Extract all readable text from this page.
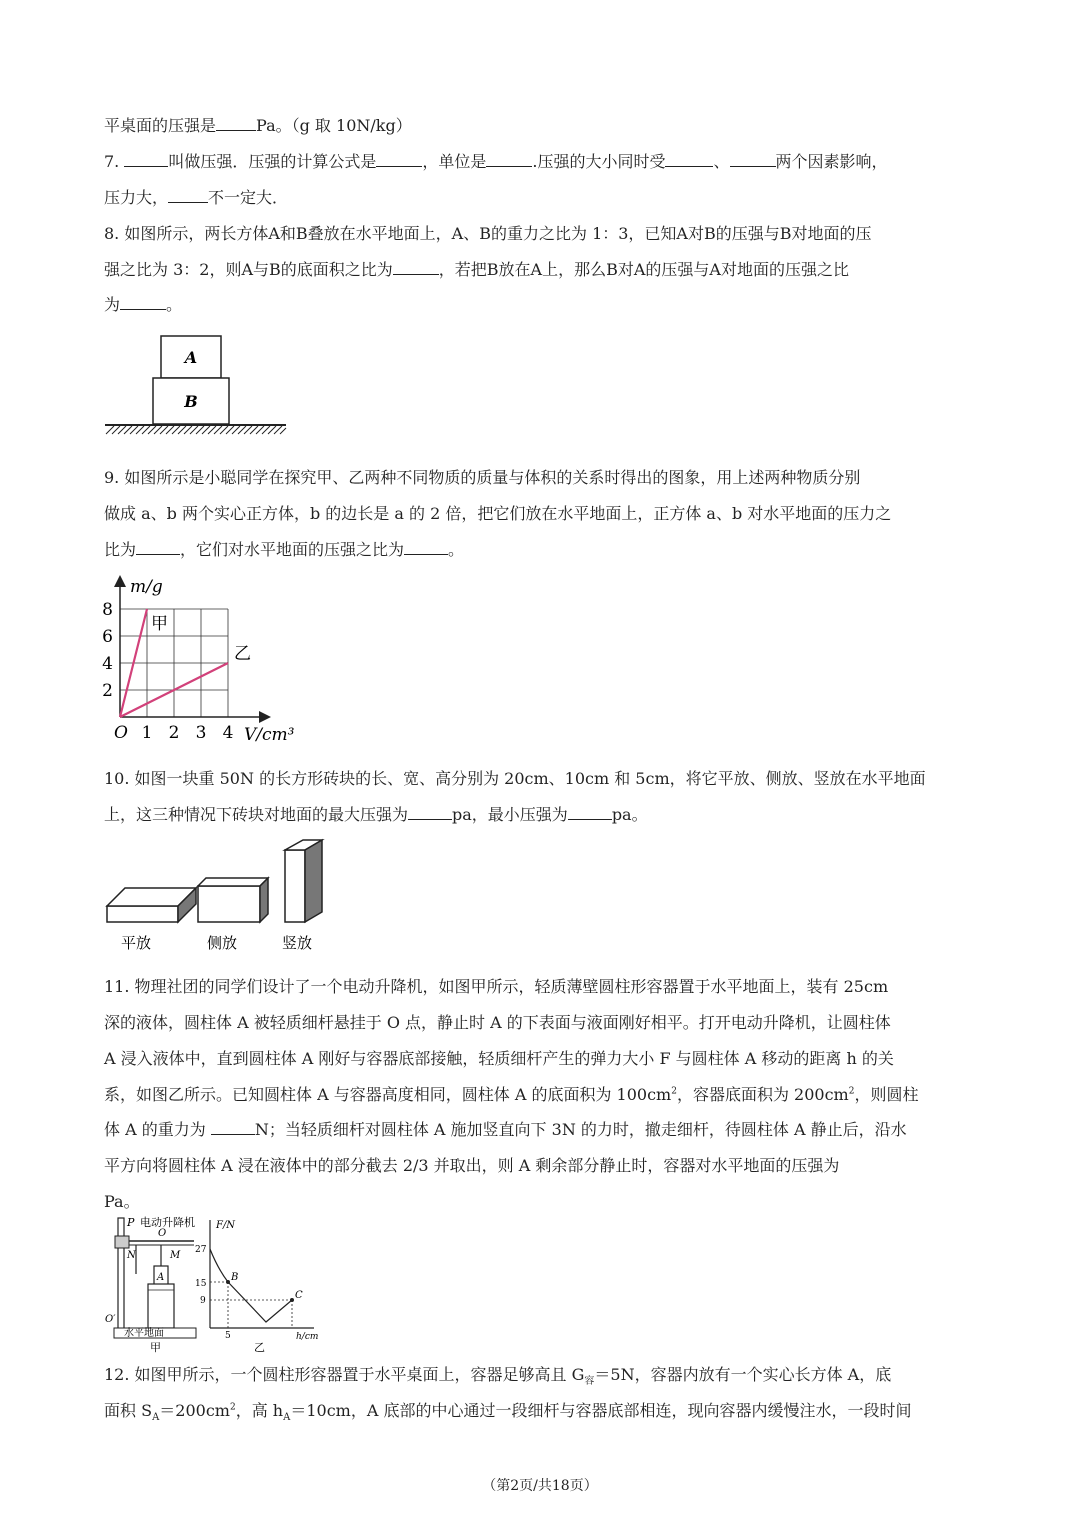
平桌面的压强是	Pa。（g 取 10N/kg）
7.	叫做压强．压强的计算公式是	，单位是	.压强的大小同时受	、	两个因素影响，
压力大，	不一定大．
8. 如图所示，两长方体A和B叠放在水平地面上，A、B的重力之比为 1：3，已知A对B的压强与B对地面的压
强之比为 3：2，则A与B的底面积之比为	，若把B放在A上，那么B对A的压强与A对地面的压强之比
为	。
A
B
9. 如图所示是小聪同学在探究甲、乙两种不同物质的质量与体积的关系时得出的图象，用上述两种物质分别
做成 a、b 两个实心正方体，b 的边长是 a 的 2 倍，把它们放在水平地面上，正方体 a、b 对水平地面的压力之
比为	，它们对水平地面的压强之比为	。
m/g
V/cm³
O 1 2 3 4
2
4
6
8
甲
乙
10. 如图一块重 50N 的长方形砖块的长、宽、高分别为 20cm、10cm 和 5cm，将它平放、侧放、竖放在水平地面
上，这三种情况下砖块对地面的最大压强为	pa，最小压强为	pa。
平放	侧放	竖放
11. 物理社团的同学们设计了一个电动升降机，如图甲所示，轻质薄壁圆柱形容器置于水平地面上，装有 25cm
深的液体，圆柱体 A 被轻质细杆悬挂于 O 点，静止时 A 的下表面与液面刚好相平。打开电动升降机，让圆柱体
A 浸入液体中，直到圆柱体 A 刚好与容器底部接触，轻质细杆产生的弹力大小 F 与圆柱体 A 移动的距离 h 的关
系，如图乙所示。已知圆柱体 A 与容器高度相同，圆柱体 A 的底面积为 $100cm^2$，容器底面积为 $200cm^2$，则圆柱
体 A 的重力为	N；当轻质细杆对圆柱体 A 施加竖直向下 3N 的力时，撤走细杆，待圆柱体 A 静止后，沿水
平方向将圆柱体 A 浸在液体中的部分截去 2/3 并取出，则 A 剩余部分静止时，容器对水平地面的压强为
Pa。
P 电动升降机
O
N	M
A
O′
水平地面
甲
F/N
h/cm
27
15
9
5
B
C
乙
12. 如图甲所示，一个圆柱形容器置于水平桌面上，容器足够高且 $G_容=5N$，容器内放有一个实心长方体 A，底
面积 $S_A=200cm^2$，高 $h_A=10cm$，A 底部的中心通过一段细杆与容器底部相连，现向容器内缓慢注水，一段时间
（第2页/共18页）
